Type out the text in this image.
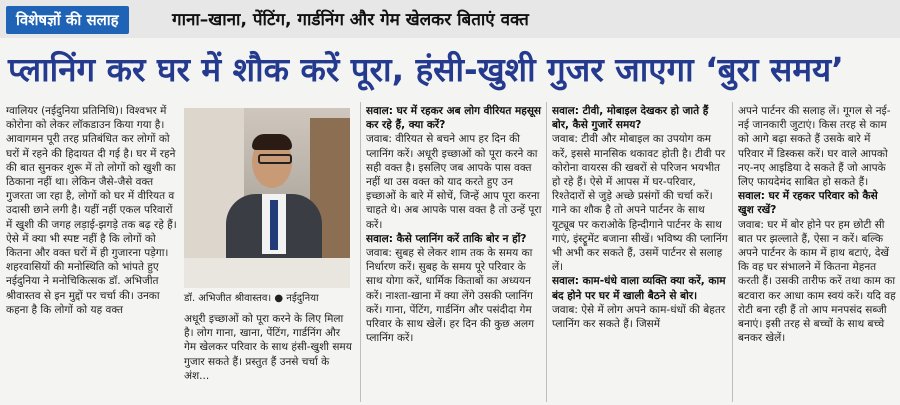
विशेषज्ञों की सलाह	गाना–खाना, पेंटिंग, गार्डनिंग और गेम खेलकर बिताएं वक्त
प्लानिंग कर घर में शौक करें पूरा, हंसी-खुशी गुजर जाएगा ‘बुरा समय’

ग्वालियर (नईदुनिया प्रतिनिधि)। विश्वभर में कोरोना को लेकर लॉकडाउन किया गया है। आवागमन पूरी तरह प्रतिबंधित कर लोगों को घरों में रहने की हिदायत दी गई है। घर में रहने की बात सुनकर शुरू में तो लोगों को खुशी का ठिकाना नहीं था। लेकिन जैसे-जैसे वक्त गुजरता जा रहा है, लोगों को घर में वीरियत व उदासी छाने लगी है। यहीं नहीं एकल परिवारों में खुशी की जगह लड़ाई-झगड़े तक बढ़ रहे हैं। ऐसे में क्या भी स्पष्ट नहीं है कि लोगों को कितना और वक्त घरों में ही गुजारना पड़ेगा। शहरवासियों की मनोस्थिति को भांपते हुए नईदुनिया ने मनोचिकित्सक डॉ. अभिजीत श्रीवास्तव से इन मुद्दों पर चर्चा की। उनका कहना है कि लोगों को यह वक्त

डॉ. अभिजीत श्रीवास्तव। ● नईदुनिया

अधूरी इच्छाओं को पूरा करने के लिए मिला है। लोग गाना, खाना, पेंटिंग, गार्डनिंग और गेम खेलकर परिवार के साथ हंसी-खुशी समय गुजार सकते हैं। प्रस्तुत हैं उनसे चर्चा के अंश...

सवाल: घर में रहकर अब लोग वीरियत महसूस कर रहे हैं, क्या करें?

जवाब: वीरियत से बचने आप हर दिन की प्लानिंग करें। अधूरी इच्छाओं को पूरा करने का सही वक्त है। इसलिए जब आपके पास वक्त नहीं था उस वक्त को याद करते हुए उन इच्छाओं के बारे में सोचें, जिन्हें आप पूरा करना चाहते थे। अब आपके पास वक्त है तो उन्हें पूरा करें।

सवाल: कैसे प्लानिंग करें ताकि बोर न हों?

जवाब: सुबह से लेकर शाम तक के समय का निर्धारण करें। सुबह के समय पूरे परिवार के साथ योगा करें, धार्मिक किताबों का अध्ययन करें। नाश्ता-खाना में क्या लेंगे उसकी प्लानिंग करें। गाना, पेंटिंग, गार्डनिंग और पसंदीदा गेम परिवार के साथ खेलें। हर दिन की कुछ अलग प्लानिंग करें।

सवाल: टीवी, मोबाइल देखकर हो जाते हैं बोर, कैसे गुजारें समय?

जवाब: टीवी और मोबाइल का उपयोग कम करें, इससे मानसिक थकावट होती है। टीवी पर कोरोना वायरस की खबरों से परिजन भयभीत हो रहे हैं। ऐसे में आपस में घर-परिवार, रिश्तेदारों से जुड़े अच्छे प्रसंगों की चर्चा करें। गाने का शौक है तो अपने पार्टनर के साथ यूट्यूब पर कराओके हिन्दीगाने पार्टनर के साथ गाएं, इंस्ट्रूमेंट बजाना सीखें। भविष्य की प्लानिंग भी अभी कर सकते हैं, उसमें पार्टनर से सलाह लें।

सवाल: काम-धंधे वाला व्यक्ति क्या करें, काम बंद होने पर घर में खाली बैठने से बोर।

जवाब: ऐसे में लोग अपने काम-धंधों की बेहतर प्लानिंग कर सकते हैं। जिसमें

अपने पार्टनर की सलाह लें। गूगल से नई-नई जानकारी जुटाएं। किस तरह से काम को आगे बढ़ा सकते हैं उसके बारे में परिवार में डिस्कस करें। घर वाले आपको नए-नए आइडिया दे सकते हैं जो आपके लिए फायदेमंद साबित हो सकते हैं।

सवाल: घर में रहकर परिवार को कैसे खुश रखें?

जवाब: घर में बोर होने पर हम छोटी सी बात पर झल्लाते हैं, ऐसा न करें। बल्कि अपने पार्टनर के काम में हाथ बटाएं, देखें कि वह घर संभालने में कितना मेहनत करती हैं। उसकी तारीफ करें तथा काम का बटवारा कर आधा काम स्वयं करें। यदि वह रोटी बना रही हैं तो आप मनपसंद सब्जी बनाएं। इसी तरह से बच्चों के साथ बच्चे बनकर खेलें।
